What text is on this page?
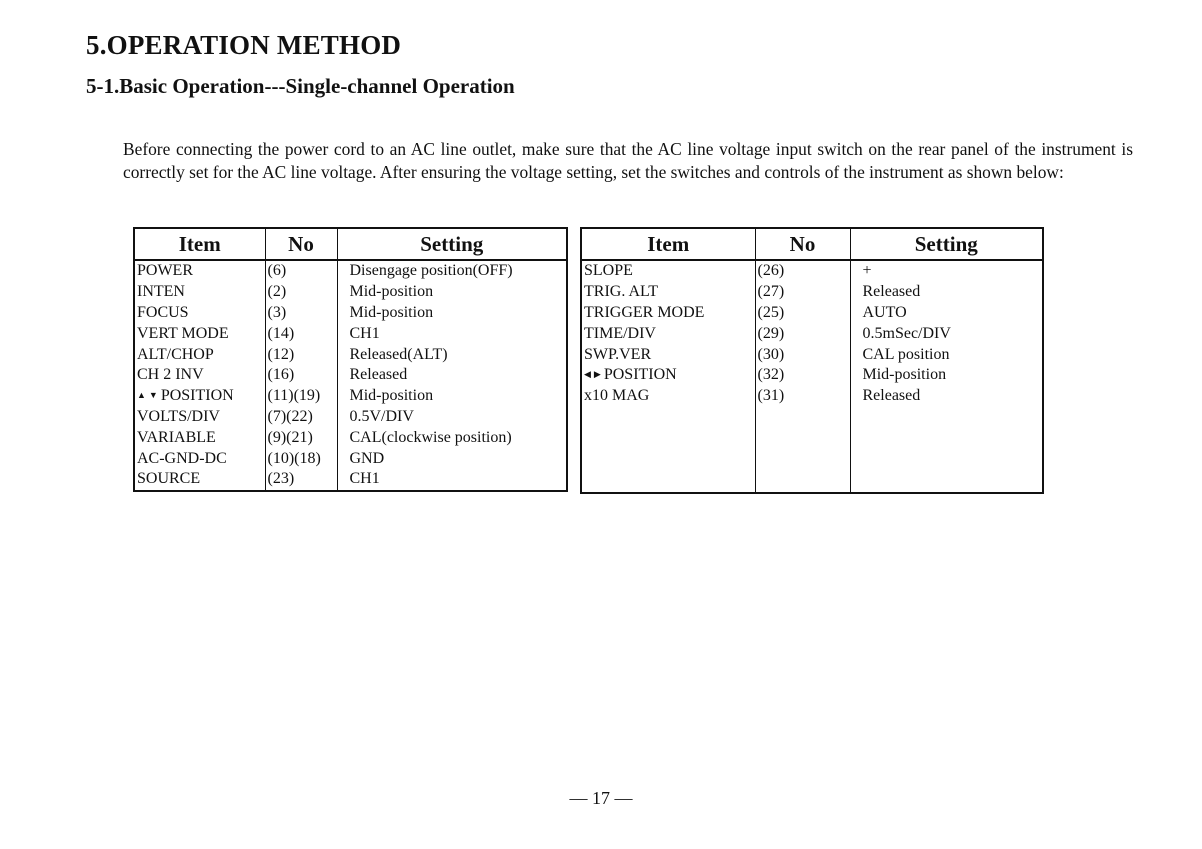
5.OPERATION METHOD
5-1.Basic Operation---Single-channel Operation

Before connecting the power cord to an AC line outlet, make sure that the AC line voltage input switch on the rear panel of the instrument is correctly set for the AC line voltage. After ensuring the voltage setting, set the switches and controls of the instrument as shown below:

Item	No	Setting
POWER	(6)	Disengage position(OFF)
INTEN	(2)	Mid-position
FOCUS	(3)	Mid-position
VERT MODE	(14)	CH1
ALT/CHOP	(12)	Released(ALT)
CH 2 INV	(16)	Released
▲▼POSITION	(11)(19)	Mid-position
VOLTS/DIV	(7)(22)	0.5V/DIV
VARIABLE	(9)(21)	CAL(clockwise position)
AC-GND-DC	(10)(18)	GND
SOURCE	(23)	CH1
Item	No	Setting
SLOPE	(26)	+
TRIG. ALT	(27)	Released
TRIGGER MODE	(25)	AUTO
TIME/DIV	(29)	0.5mSec/DIV
SWP.VER	(30)	CAL position
◀▶POSITION	(32)	Mid-position
x10 MAG	(31)	Released

— 17 —
